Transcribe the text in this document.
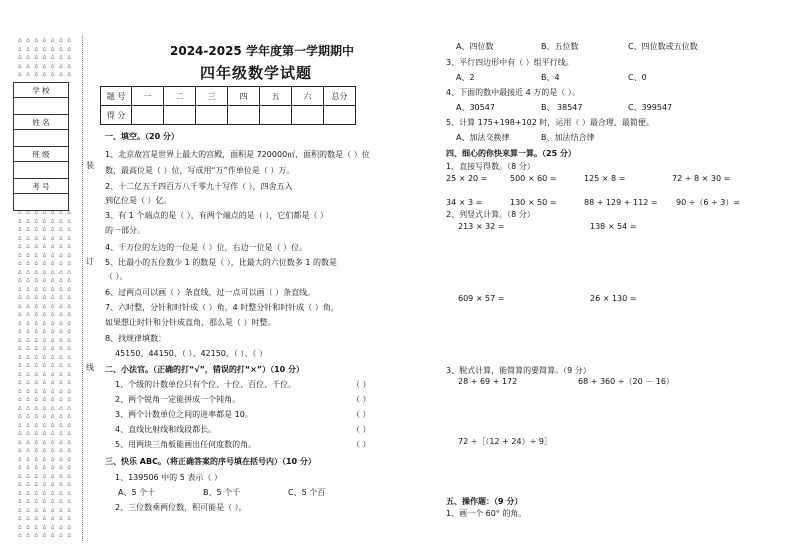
△ △ △ △ △ △ △
△ △ △ △ △ △ △
△ △ △ △ △ △ △
△ △ △ △ △ △ △
△ △ △ △ △ △ △
学 校

姓 名

班 级

考 号

△ △ △ △ △ △ △
△ △ △ △ △ △ △
△ △ △ △ △ △ △
△ △ △ △ △ △ △
△ △ △ △ △ △ △
△ △ △ △ △ △ △
△ △ △ △ △ △ △
△ △ △ △ △ △ △
△ △ △ △ △ △ △
△ △ △ △ △ △ △
△ △ △ △ △ △ △
△ △ △ △ △ △ △
△ △ △ △ △ △ △
△ △ △ △ △ △ △
△ △ △ △ △ △ △
△ △ △ △ △ △ △
△ △ △ △ △ △ △
△ △ △ △ △ △ △
△ △ △ △ △ △ △
△ △ △ △ △ △ △
△ △ △ △ △ △ △
△ △ △ △ △ △ △
△ △ △ △ △ △ △
△ △ △ △ △ △ △
△ △ △ △ △ △ △
△ △ △ △ △ △ △
△ △ △ △ △ △ △
△ △ △ △ △ △ △
△ △ △ △ △ △ △
△ △ △ △ △ △ △
△ △ △ △ △ △ △
△ △ △ △ △ △ △
△ △ △ △ △ △ △
△ △ △ △ △ △ △
△ △ △ △ △ △ △
△ △ △ △ △ △ △
△ △ △ △ △ △ △
△ △ △ △ △ △ △
△ △ △ △ △ △ △
装
订
线
2024-2025 学年度第一学期期中
四年级数学试题
题 号	一	二	三	四	五	六	总分
得 分							
一、填空。（20 分）
1、北京故宫是世界上最大的宫殿，面积是 720000㎡，面积的数是（ ）位
数，最高位是（ ）位，写成用“万”作单位是（ ）万。
2、十二亿五千四百万八千零九十写作（ ），四舍五入
到亿位是（ ）亿。
3、有 1 个端点的是（ ），有两个端点的是（ ），它们都是（ ）
的一部分。
4、千万位的左边的一位是（ ）位，右边一位是（ ）位。
5、比最小的五位数少 1 的数是（ ），比最大的六位数多 1 的数是
（ ）。
6、过两点可以画（ ）条直线，过一点可以画（ ）条直线。
7、六时整，分针和时针成（ ）角，4 时整分针和时针成（ ）角，
如果想让时针和分针成直角，那么是（ ）时整。
8、找规律填数：
45150、44150、（ ）、42150、（ ）、（ ）
二、小法官。（正确的打“√”，错误的打“×”）（10 分）
1、个级的计数单位只有个位、十位、百位、千位。	（ ）
2、两个锐角一定能拼成一个钝角。	（ ）
3、两个计数单位之间的进率都是 10。	（ ）
4、直线比射线和线段都长。	（ ）
5、用两块三角板能画出任何度数的角。	（ ）
三、快乐 ABC。（将正确答案的序号填在括号内）（10 分）
1、139506 中的 5 表示（ ）
A、5 个十	B、5 个千	C、5 个百
2、三位数乘两位数，积可能是（ ）。
A、四位数	B、五位数	C、四位数或五位数
3、平行四边形中有（ ）组平行线。
A、2	B、4	C、0
4、下面的数中最接近 4 万的是（ ）。
A、30547	B、 38547	C、399547
5、计算 175+198+102 时，运用（ ）最合理、最简便。
A、加法交换律	B、加法结合律
四、细心的你快来算一算。（25 分）
1、直接写得数。（8 分）
25 × 20 =	500 × 60 =	125 × 8 =	72 ÷ 8 × 30 =
34 × 3 =	130 × 50 =	88 + 129 + 112 = 90 ÷（6 ÷ 3）=
2、列竖式计算。（8 分）
213 × 32 =	138 × 54 =
609 × 57 =	26 × 130 =
3、脱式计算，能简算的要简算。（9 分）
28 + 69 + 172	68 + 360 ÷（20 － 16）
72 ÷［（12 + 24）÷ 9］
五、操作题：（9 分）
1、画一个 60° 的角。
